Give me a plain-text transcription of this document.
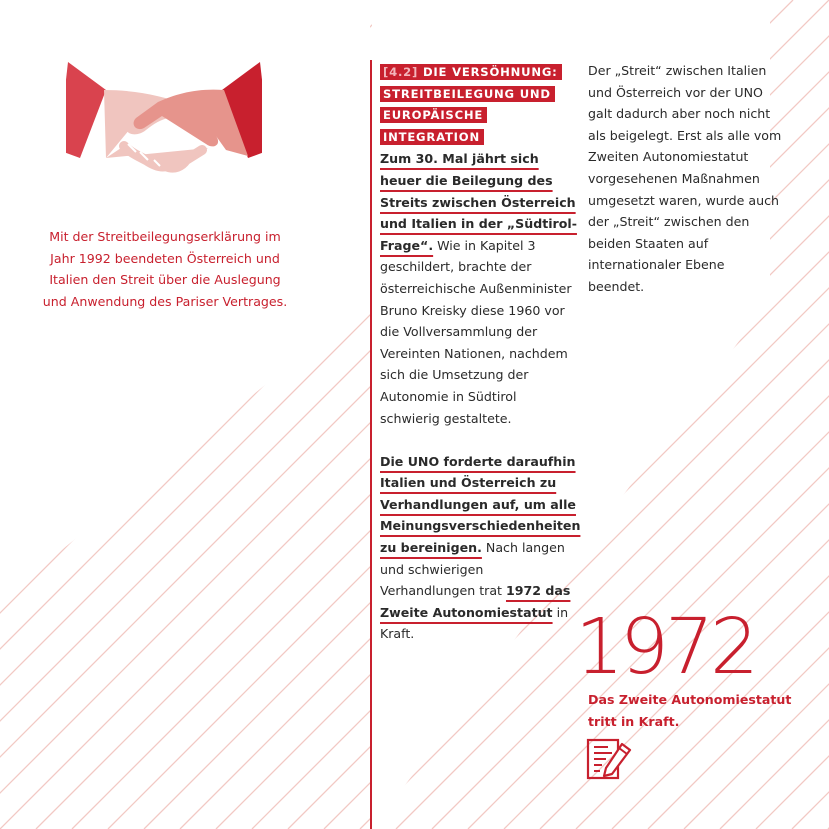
Mit der Streitbeilegungserklärung im Jahr 1992 beendeten Österreich und Italien den Streit über die Auslegung und Anwendung des Pariser Vertrages.
[4.2] DIE VERSÖHNUNG: STREITBEILEGUNG UND EUROPÄISCHE INTEGRATION

Zum 30. Mal jährt sich heuer die Beilegung des Streits zwischen Österreich und Italien in der „Südtirol-Frage“. Wie in Kapitel 3 geschildert, brachte der österreichische Außenminister Bruno Kreisky diese 1960 vor die Vollversammlung der Vereinten Nationen, nachdem sich die Umsetzung der Autonomie in Südtirol schwierig gestaltete.

Die UNO forderte daraufhin Italien und Österreich zu Verhandlungen auf, um alle Meinungsverschiedenheiten zu bereinigen. Nach langen und schwierigen Verhandlungen trat 1972 das Zweite Autonomiestatut in Kraft.

Der „Streit“ zwischen Italien und Österreich vor der UNO galt dadurch aber noch nicht als beigelegt. Erst als alle vom Zweiten Autonomiestatut vorgesehenen Maßnahmen umgesetzt waren, wurde auch der „Streit“ zwischen den beiden Staaten auf internationaler Ebene beendet.
1972
Das Zweite Autonomiestatut tritt in Kraft.
